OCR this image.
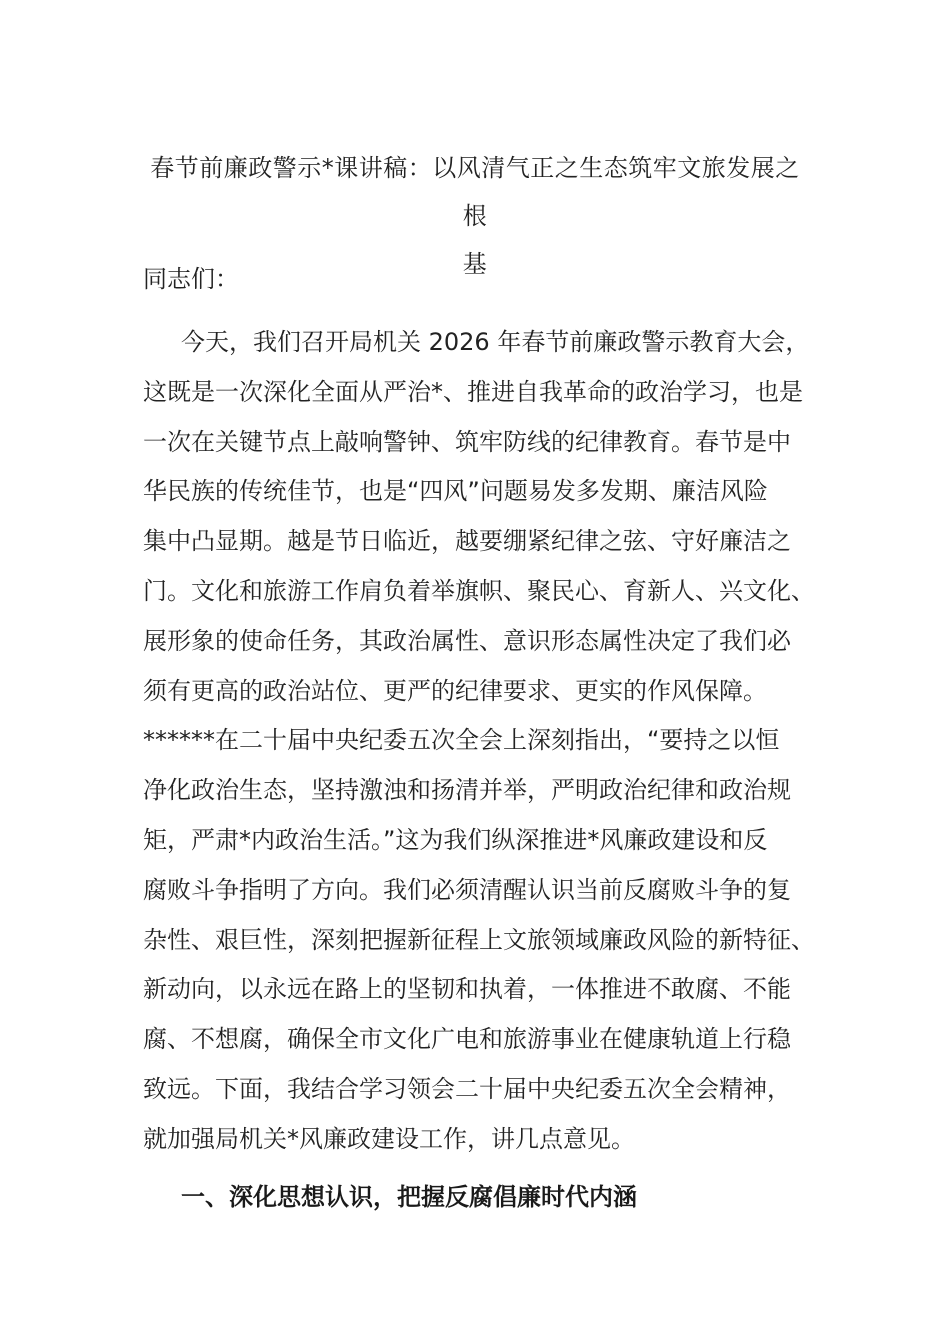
春节前廉政警示*课讲稿：以风清气正之生态筑牢文旅发展之根
基
同志们：
今天，我们召开局机关 2026 年春节前廉政警示教育大会，
这既是一次深化全面从严治*、推进自我革命的政治学习，也是
一次在关键节点上敲响警钟、筑牢防线的纪律教育。春节是中
华民族的传统佳节，也是“四风”问题易发多发期、廉洁风险
集中凸显期。越是节日临近，越要绷紧纪律之弦、守好廉洁之
门。文化和旅游工作肩负着举旗帜、聚民心、育新人、兴文化、
展形象的使命任务，其政治属性、意识形态属性决定了我们必
须有更高的政治站位、更严的纪律要求、更实的作风保障。
******在二十届中央纪委五次全会上深刻指出，“要持之以恒
净化政治生态，坚持激浊和扬清并举，严明政治纪律和政治规
矩，严肃*内政治生活。”这为我们纵深推进*风廉政建设和反
腐败斗争指明了方向。我们必须清醒认识当前反腐败斗争的复
杂性、艰巨性，深刻把握新征程上文旅领域廉政风险的新特征、
新动向，以永远在路上的坚韧和执着，一体推进不敢腐、不能
腐、不想腐，确保全市文化广电和旅游事业在健康轨道上行稳
致远。下面，我结合学习领会二十届中央纪委五次全会精神，
就加强局机关*风廉政建设工作，讲几点意见。
一、深化思想认识，把握反腐倡廉时代内涵
